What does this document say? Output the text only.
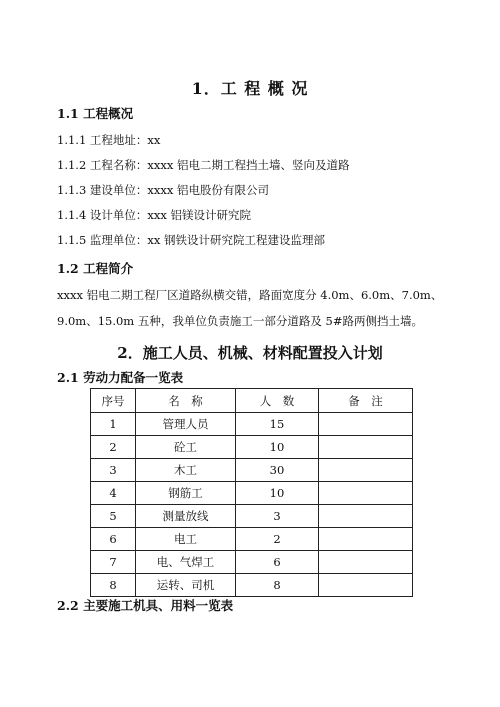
1．工 程 概 况
1.1 工程概况
1.1.1 工程地址：xx
1.1.2 工程名称：xxxx 铝电二期工程挡土墙、竖向及道路
1.1.3 建设单位：xxxx 铝电股份有限公司
1.1.4 设计单位：xxx 铝镁设计研究院
1.1.5 监理单位：xx 钢铁设计研究院工程建设监理部
1.2 工程简介
xxxx 铝电二期工程厂区道路纵横交错，路面宽度分 4.0m、6.0m、7.0m、
9.0m、15.0m 五种，我单位负责施工一部分道路及 5#路两侧挡土墙。
2．施工人员、机械、材料配置投入计划
2.1 劳动力配备一览表
序号	名　称	人　数	备　注
1	管理人员	15	
2	砼工	10	
3	木工	30	
4	钢筋工	10	
5	测量放线	3	
6	电工	2	
7	电、气焊工	6	
8	运转、司机	8	
2.2 主要施工机具、用料一览表
